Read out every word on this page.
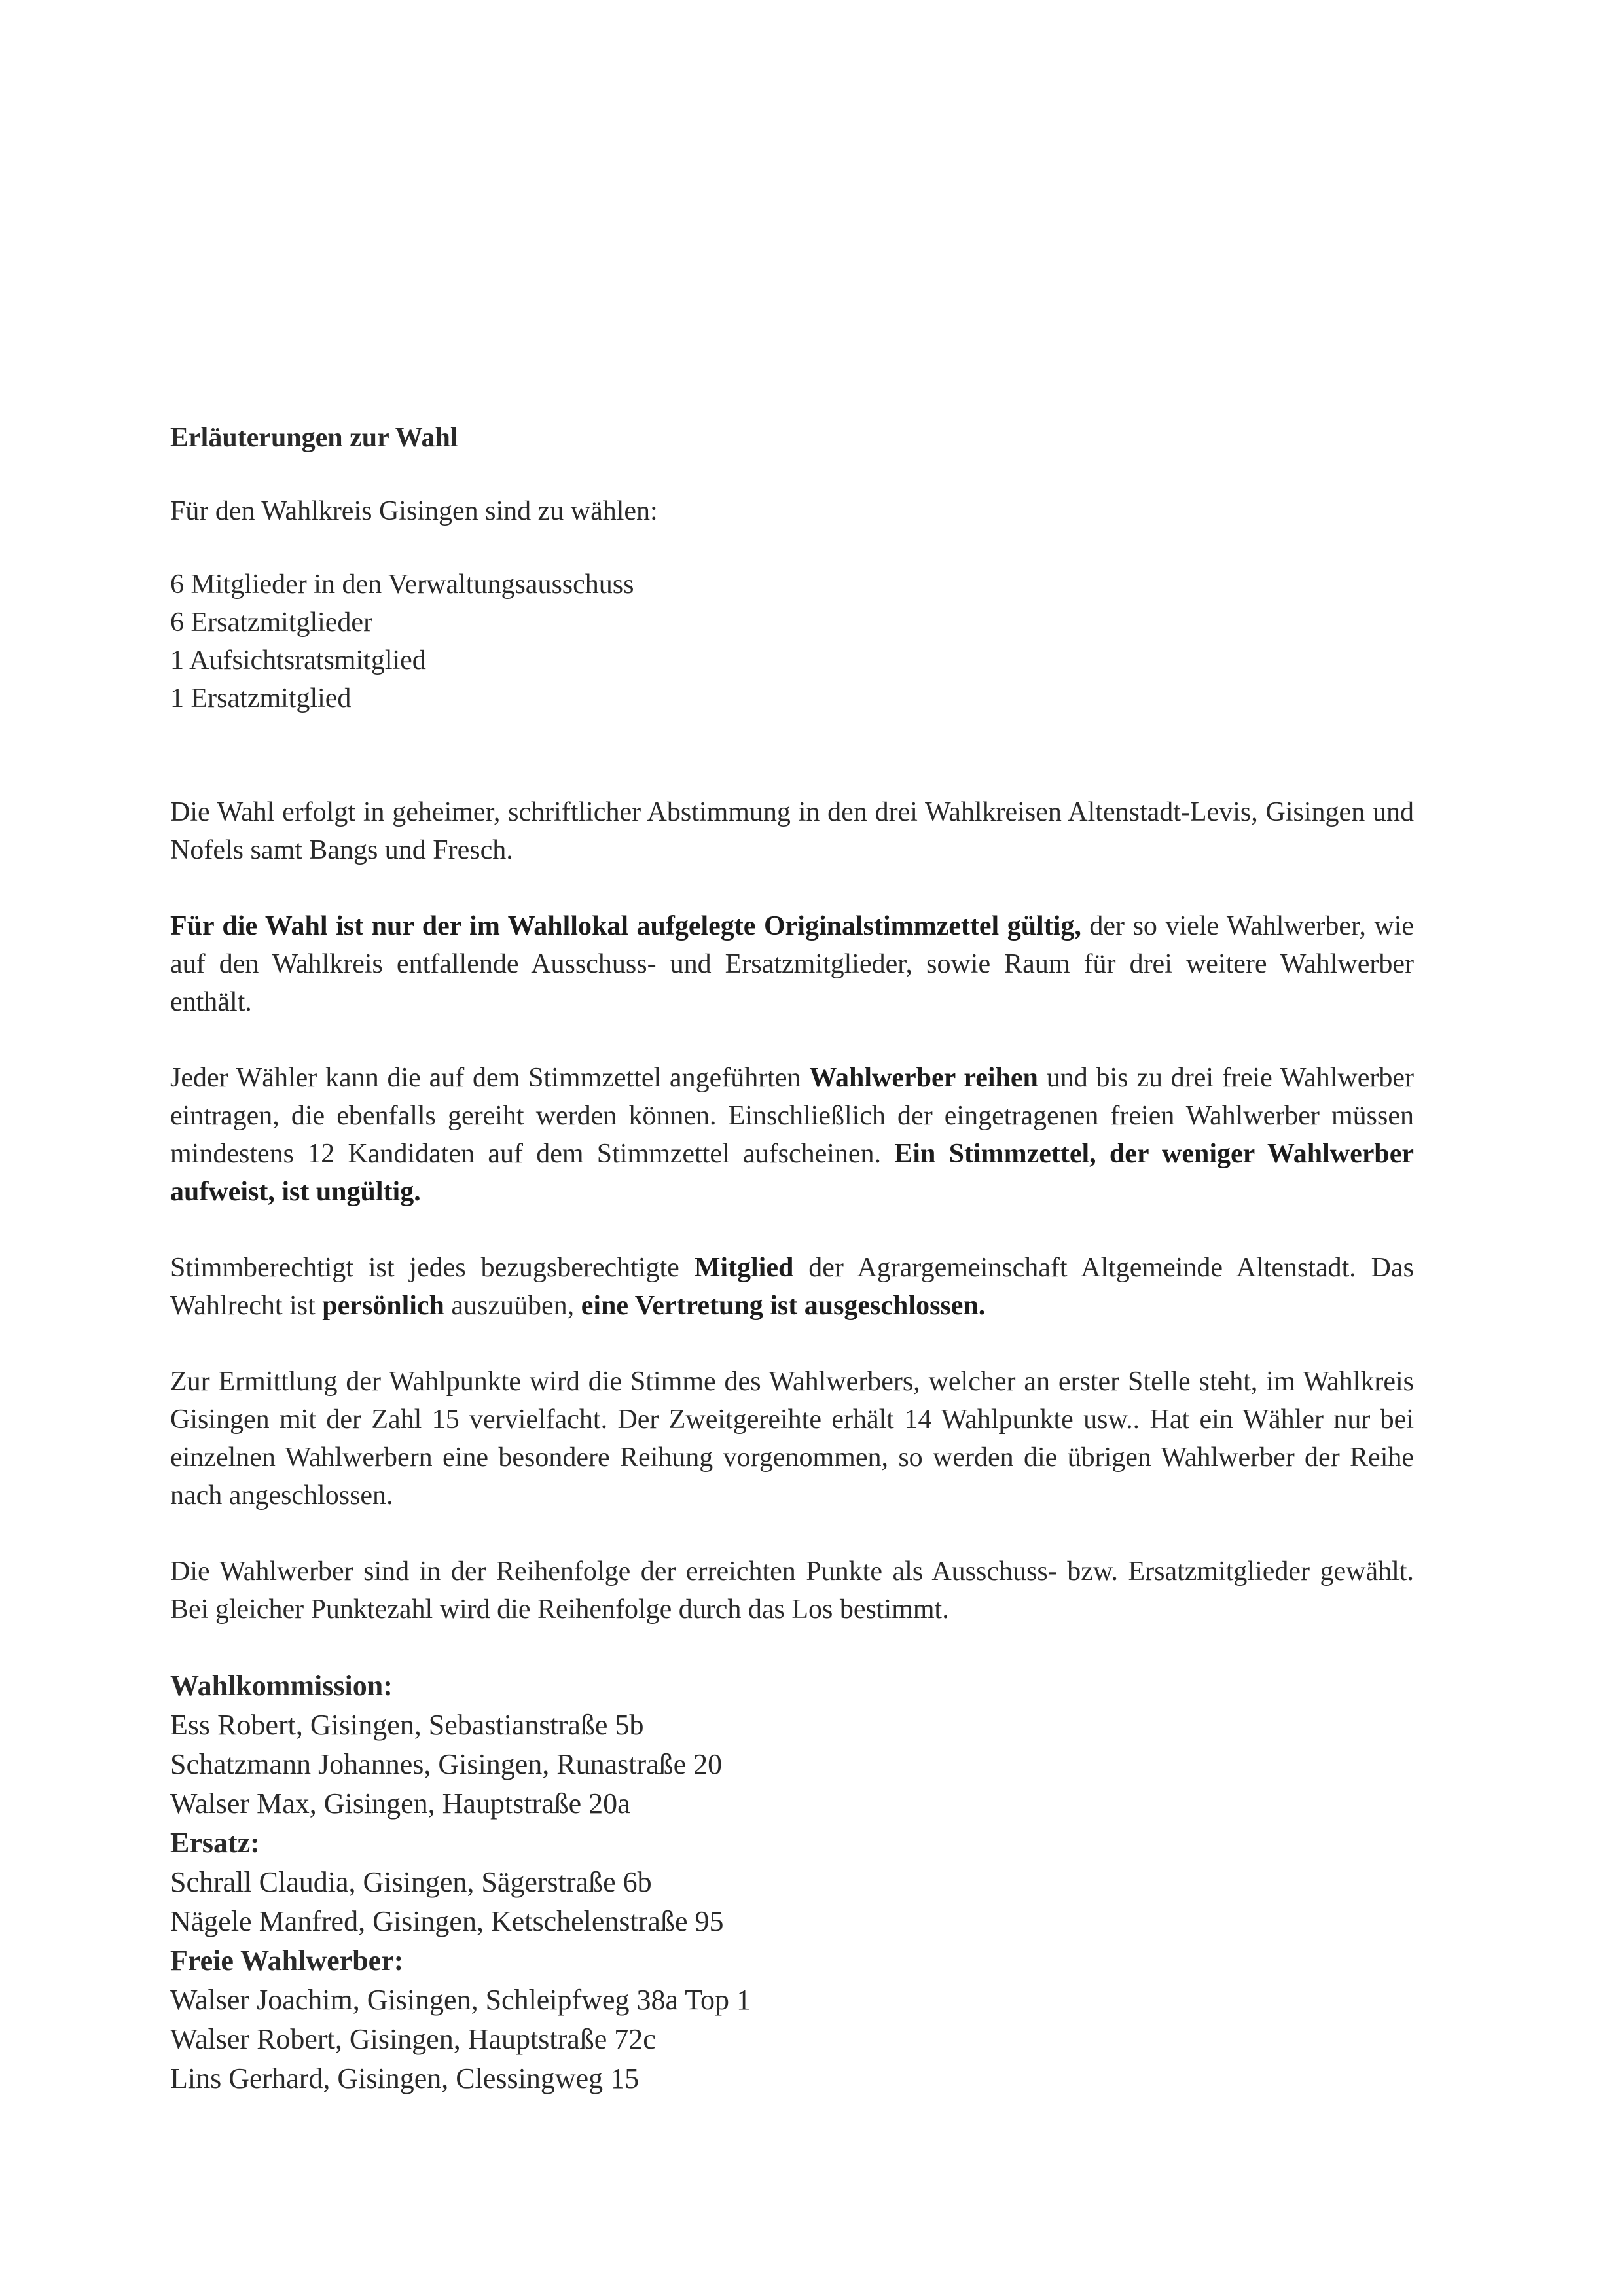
Erläuterungen zur Wahl

Für den Wahlkreis Gisingen sind zu wählen:

6 Mitglieder in den Verwaltungsausschuss

6 Ersatzmitglieder

1 Aufsichtsratsmitglied

1 Ersatzmitglied

Die Wahl erfolgt in geheimer, schriftlicher Abstimmung in den drei Wahlkreisen Altenstadt-Levis, Gisingen und Nofels samt Bangs und Fresch.

Für die Wahl ist nur der im Wahllokal aufgelegte Originalstimmzettel gültig, der so viele Wahlwerber, wie auf den Wahlkreis entfallende Ausschuss- und Ersatzmitglieder, sowie Raum für drei weitere Wahlwerber enthält.

Jeder Wähler kann die auf dem Stimmzettel angeführten Wahlwerber reihen und bis zu drei freie Wahlwerber eintragen, die ebenfalls gereiht werden können. Einschließlich der eingetragenen freien Wahlwerber müssen mindestens 12 Kandidaten auf dem Stimmzettel aufscheinen. Ein Stimmzettel, der weniger Wahlwerber aufweist, ist ungültig.

Stimmberechtigt ist jedes bezugsberechtigte Mitglied der Agrargemeinschaft Altgemeinde Altenstadt. Das Wahlrecht ist persönlich auszuüben, eine Vertretung ist ausgeschlossen.

Zur Ermittlung der Wahlpunkte wird die Stimme des Wahlwerbers, welcher an erster Stelle steht, im Wahlkreis Gisingen mit der Zahl 15 vervielfacht. Der Zweitgereihte erhält 14 Wahlpunkte usw.. Hat ein Wähler nur bei einzelnen Wahlwerbern eine besondere Reihung vorgenommen, so werden die übrigen Wahlwerber der Reihe nach angeschlossen.

Die Wahlwerber sind in der Reihenfolge der erreichten Punkte als Ausschuss- bzw. Ersatzmitglieder gewählt. Bei gleicher Punktezahl wird die Reihenfolge durch das Los bestimmt.

Wahlkommission:

Ess Robert, Gisingen, Sebastianstraße 5b

Schatzmann Johannes, Gisingen, Runastraße 20

Walser Max, Gisingen, Hauptstraße 20a

Ersatz:

Schrall Claudia, Gisingen, Sägerstraße 6b

Nägele Manfred, Gisingen, Ketschelenstraße 95

Freie Wahlwerber:

Walser Joachim, Gisingen, Schleipfweg 38a Top 1

Walser Robert, Gisingen, Hauptstraße 72c

Lins Gerhard, Gisingen, Clessingweg 15
